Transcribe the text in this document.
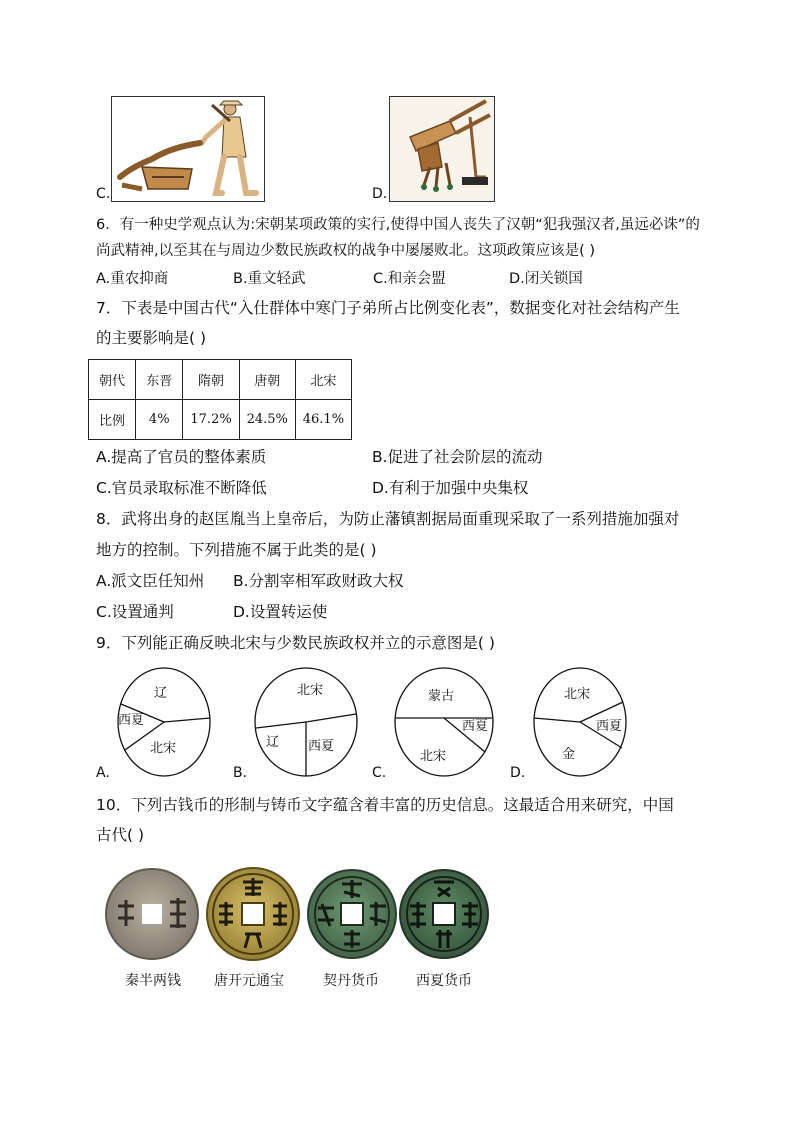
C.	D.
6．有一种史学观点认为:宋朝某项政策的实行,使得中国人丧失了汉朝“犯我强汉者,虽远必诛”的
尚武精神,以至其在与周边少数民族政权的战争中屡屡败北。这项政策应该是( )
A.重农抑商	B.重文轻武	C.和亲会盟	D.闭关锁国
7．下表是中国古代“入仕群体中寒门子弟所占比例变化表”，数据变化对社会结构产生
的主要影响是( )
朝代	东晋	隋朝	唐朝	北宋
比例	4%	17.2%	24.5%	46.1%
A.提高了官员的整体素质	B.促进了社会阶层的流动
C.官员录取标准不断降低	D.有利于加强中央集权
8．武将出身的赵匡胤当上皇帝后，为防止藩镇割据局面重现采取了一系列措施加强对
地方的控制。下列措施不属于此类的是( )
A.派文臣任知州 B.分割宰相军政财政大权
C.设置通判	D.设置转运使
9．下列能正确反映北宋与少数民族政权并立的示意图是( )
辽
西夏
北宋
A.
北宋
辽 西夏
B.
蒙古
西夏
北宋
C.
北宋
西夏
金
D.
10．下列古钱币的形制与铸币文字蕴含着丰富的历史信息。这最适合用来研究，中国
古代( )
秦半两钱	唐开元通宝	契丹货币	西夏货币
